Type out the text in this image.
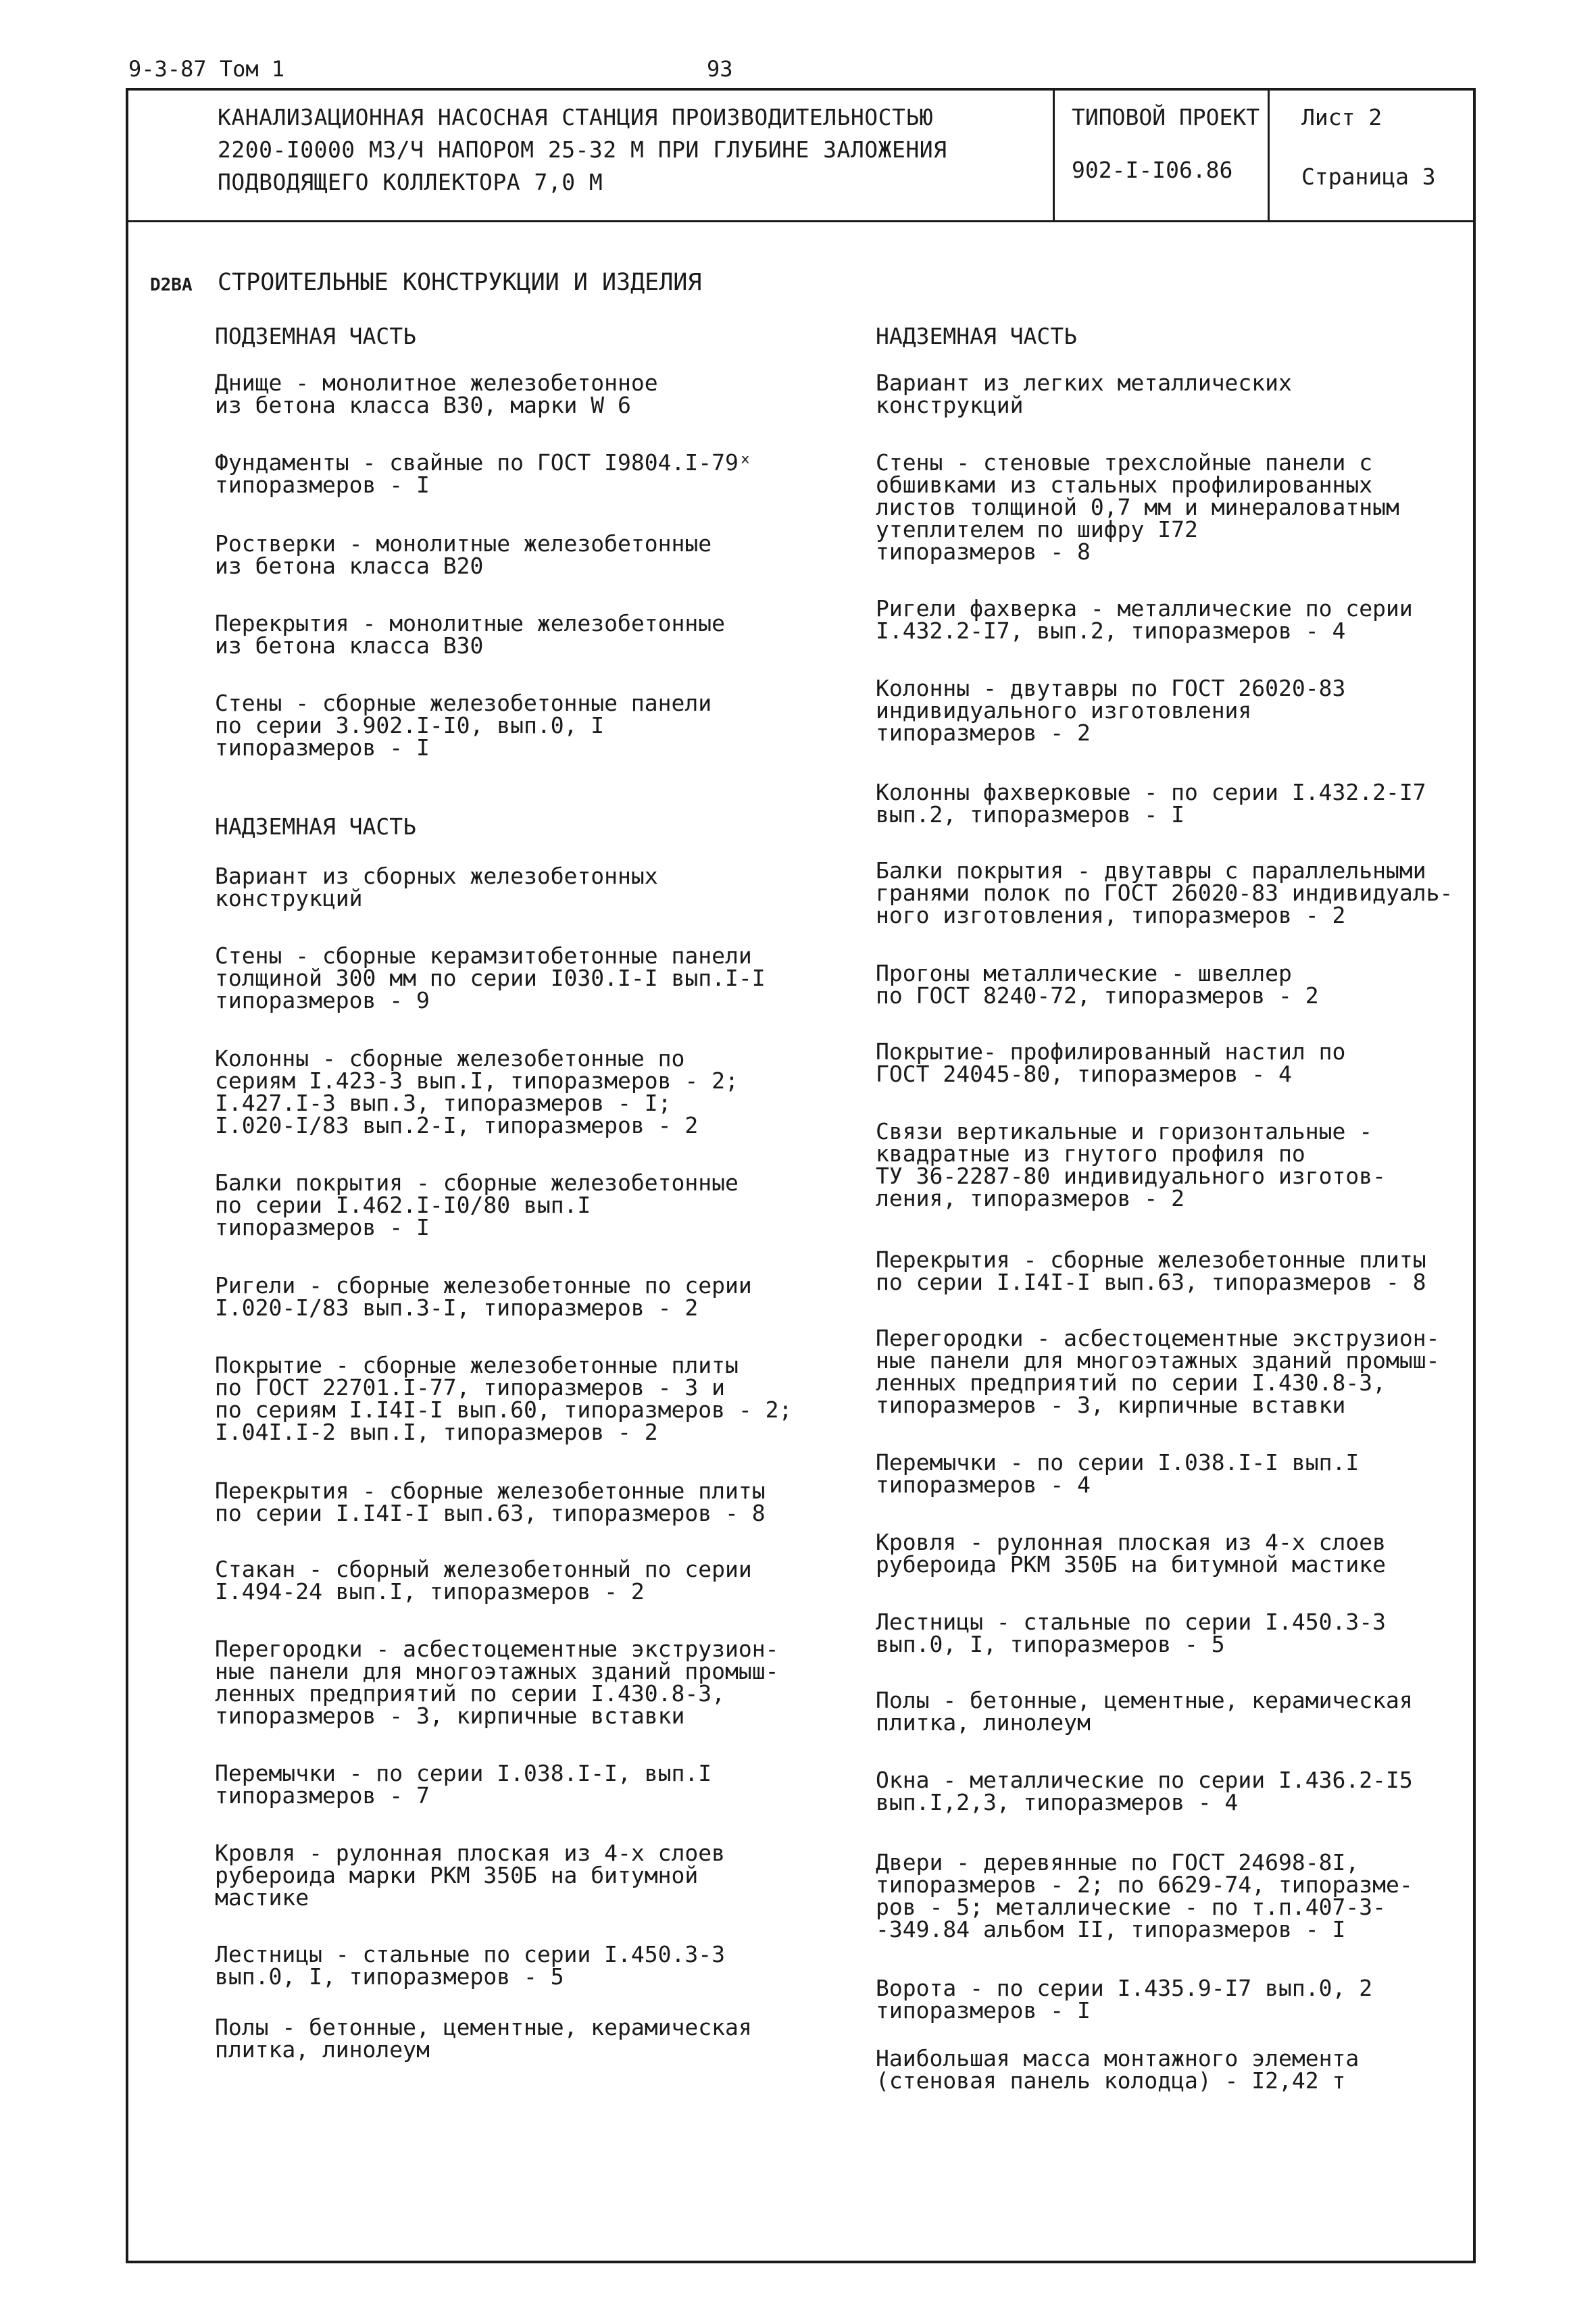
9-3-87 Том 1	93
КАНАЛИЗАЦИОННАЯ НАСОСНАЯ СТАНЦИЯ ПРОИЗВОДИТЕЛЬНОСТЬЮ
2200-I0000 М3/Ч НАПОРОМ 25-32 М ПРИ ГЛУБИНЕ ЗАЛОЖЕНИЯ
ПОДВОДЯЩЕГО КОЛЛЕКТОРА 7,0 М
ТИПОВОЙ ПРОЕКТ
902-I-I06.86
Лист 2
Страница 3
D2BA СТРОИТЕЛЬНЫЕ КОНСТРУКЦИИ И ИЗДЕЛИЯ
ПОДЗЕМНАЯ ЧАСТЬ
Днище - монолитное железобетонное
из бетона класса B30, марки W 6
Фундаменты - свайные по ГОСТ I9804.I-79ˣ
типоразмеров - I
Ростверки - монолитные железобетонные
из бетона класса B20
Перекрытия - монолитные железобетонные
из бетона класса B30
Стены - сборные железобетонные панели
по серии 3.902.I-I0, вып.0, I
типоразмеров - I
НАДЗЕМНАЯ ЧАСТЬ
Вариант из сборных железобетонных
конструкций
Стены - сборные керамзитобетонные панели
толщиной 300 мм по серии I030.I-I вып.I-I
типоразмеров - 9
Колонны - сборные железобетонные по
сериям I.423-3 вып.I, типоразмеров - 2;
I.427.I-3 вып.3, типоразмеров - I;
I.020-I/83 вып.2-I, типоразмеров - 2
Балки покрытия - сборные железобетонные
по серии I.462.I-I0/80 вып.I
типоразмеров - I
Ригели - сборные железобетонные по серии
I.020-I/83 вып.3-I, типоразмеров - 2
Покрытие - сборные железобетонные плиты
по ГОСТ 22701.I-77, типоразмеров - 3 и
по сериям I.I4I-I вып.60, типоразмеров - 2;
I.04I.I-2 вып.I, типоразмеров - 2
Перекрытия - сборные железобетонные плиты
по серии I.I4I-I вып.63, типоразмеров - 8
Стакан - сборный железобетонный по серии
I.494-24 вып.I, типоразмеров - 2
Перегородки - асбестоцементные экструзион-
ные панели для многоэтажных зданий промыш-
ленных предприятий по серии I.430.8-3,
типоразмеров - 3, кирпичные вставки
Перемычки - по серии I.038.I-I, вып.I
типоразмеров - 7
Кровля - рулонная плоская из 4-х слоев
рубероида марки РКМ 350Б на битумной
мастике
Лестницы - стальные по серии I.450.3-3
вып.0, I, типоразмеров - 5
Полы - бетонные, цементные, керамическая
плитка, линолеум
НАДЗЕМНАЯ ЧАСТЬ
Вариант из легких металлических
конструкций
Стены - стеновые трехслойные панели с
обшивками из стальных профилированных
листов толщиной 0,7 мм и минераловатным
утеплителем по шифру I72
типоразмеров - 8
Ригели фахверка - металлические по серии
I.432.2-I7, вып.2, типоразмеров - 4
Колонны - двутавры по ГОСТ 26020-83
индивидуального изготовления
типоразмеров - 2
Колонны фахверковые - по серии I.432.2-I7
вып.2, типоразмеров - I
Балки покрытия - двутавры с параллельными
гранями полок по ГОСТ 26020-83 индивидуаль-
ного изготовления, типоразмеров - 2
Прогоны металлические - швеллер
по ГОСТ 8240-72, типоразмеров - 2
Покрытие- профилированный настил по
ГОСТ 24045-80, типоразмеров - 4
Связи вертикальные и горизонтальные -
квадратные из гнутого профиля по
ТУ 36-2287-80 индивидуального изготов-
ления, типоразмеров - 2
Перекрытия - сборные железобетонные плиты
по серии I.I4I-I вып.63, типоразмеров - 8
Перегородки - асбестоцементные экструзион-
ные панели для многоэтажных зданий промыш-
ленных предприятий по серии I.430.8-3,
типоразмеров - 3, кирпичные вставки
Перемычки - по серии I.038.I-I вып.I
типоразмеров - 4
Кровля - рулонная плоская из 4-х слоев
рубероида РКМ 350Б на битумной мастике
Лестницы - стальные по серии I.450.3-3
вып.0, I, типоразмеров - 5
Полы - бетонные, цементные, керамическая
плитка, линолеум
Окна - металлические по серии I.436.2-I5
вып.I,2,3, типоразмеров - 4
Двери - деревянные по ГОСТ 24698-8I,
типоразмеров - 2; по 6629-74, типоразме-
ров - 5; металлические - по т.п.407-3-
-349.84 альбом II, типоразмеров - I
Ворота - по серии I.435.9-I7 вып.0, 2
типоразмеров - I
Наибольшая масса монтажного элемента
(стеновая панель колодца) - I2,42 т
